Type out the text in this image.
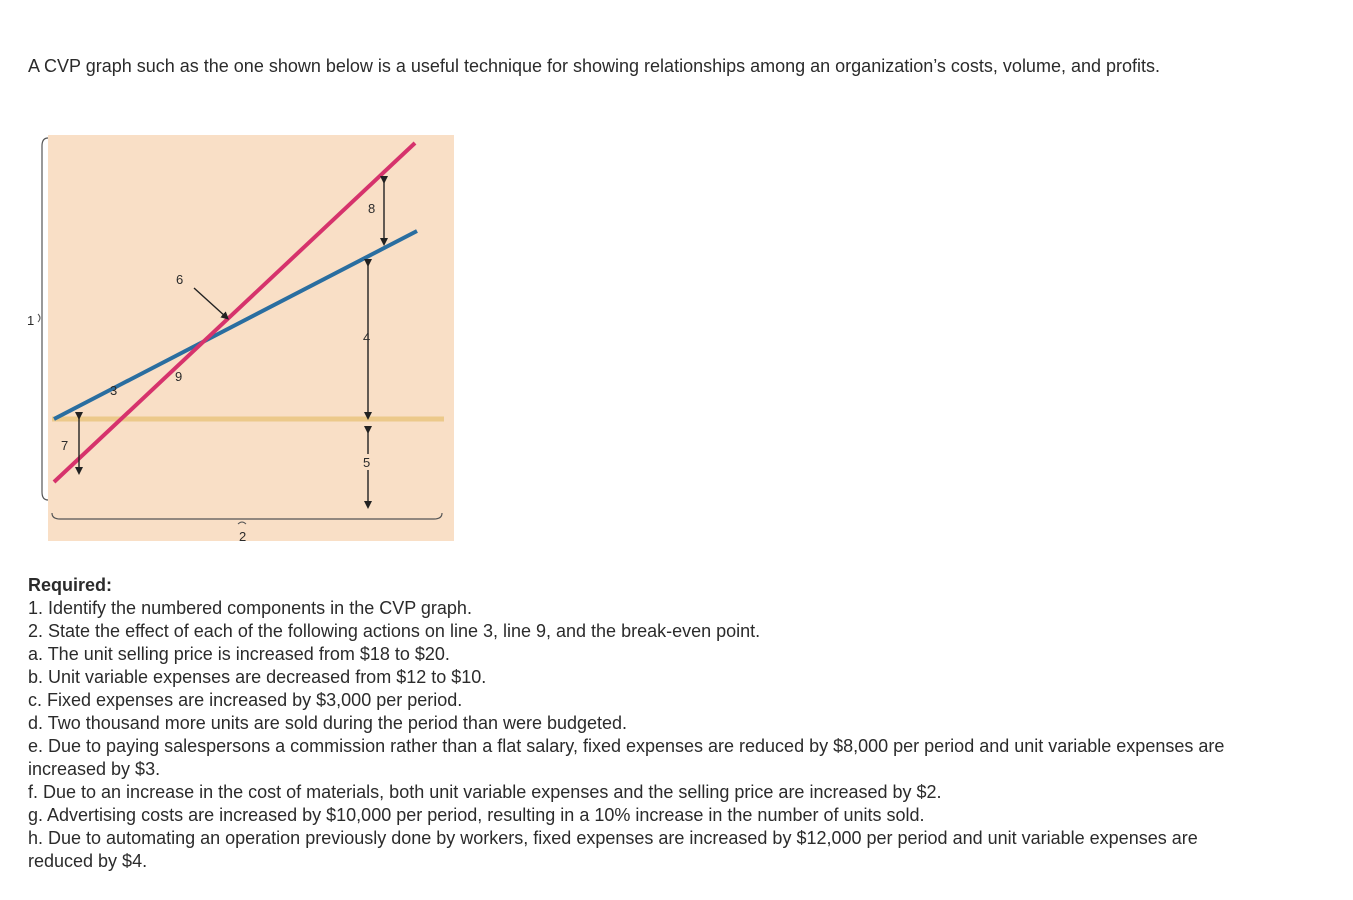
A CVP graph such as the one shown below is a useful technique for showing relationships among an organization’s costs, volume, and profits.

1
2
3
9
6
7
8
4
5
Required:
1. Identify the numbered components in the CVP graph.
2. State the effect of each of the following actions on line 3, line 9, and the break-even point.
a. The unit selling price is increased from $18 to $20.
b. Unit variable expenses are decreased from $12 to $10.
c. Fixed expenses are increased by $3,000 per period.
d. Two thousand more units are sold during the period than were budgeted.
e. Due to paying salespersons a commission rather than a flat salary, fixed expenses are reduced by $8,000 per period and unit variable expenses are increased by $3.
f. Due to an increase in the cost of materials, both unit variable expenses and the selling price are increased by $2.
g. Advertising costs are increased by $10,000 per period, resulting in a 10% increase in the number of units sold.
h. Due to automating an operation previously done by workers, fixed expenses are increased by $12,000 per period and unit variable expenses are reduced by $4.
